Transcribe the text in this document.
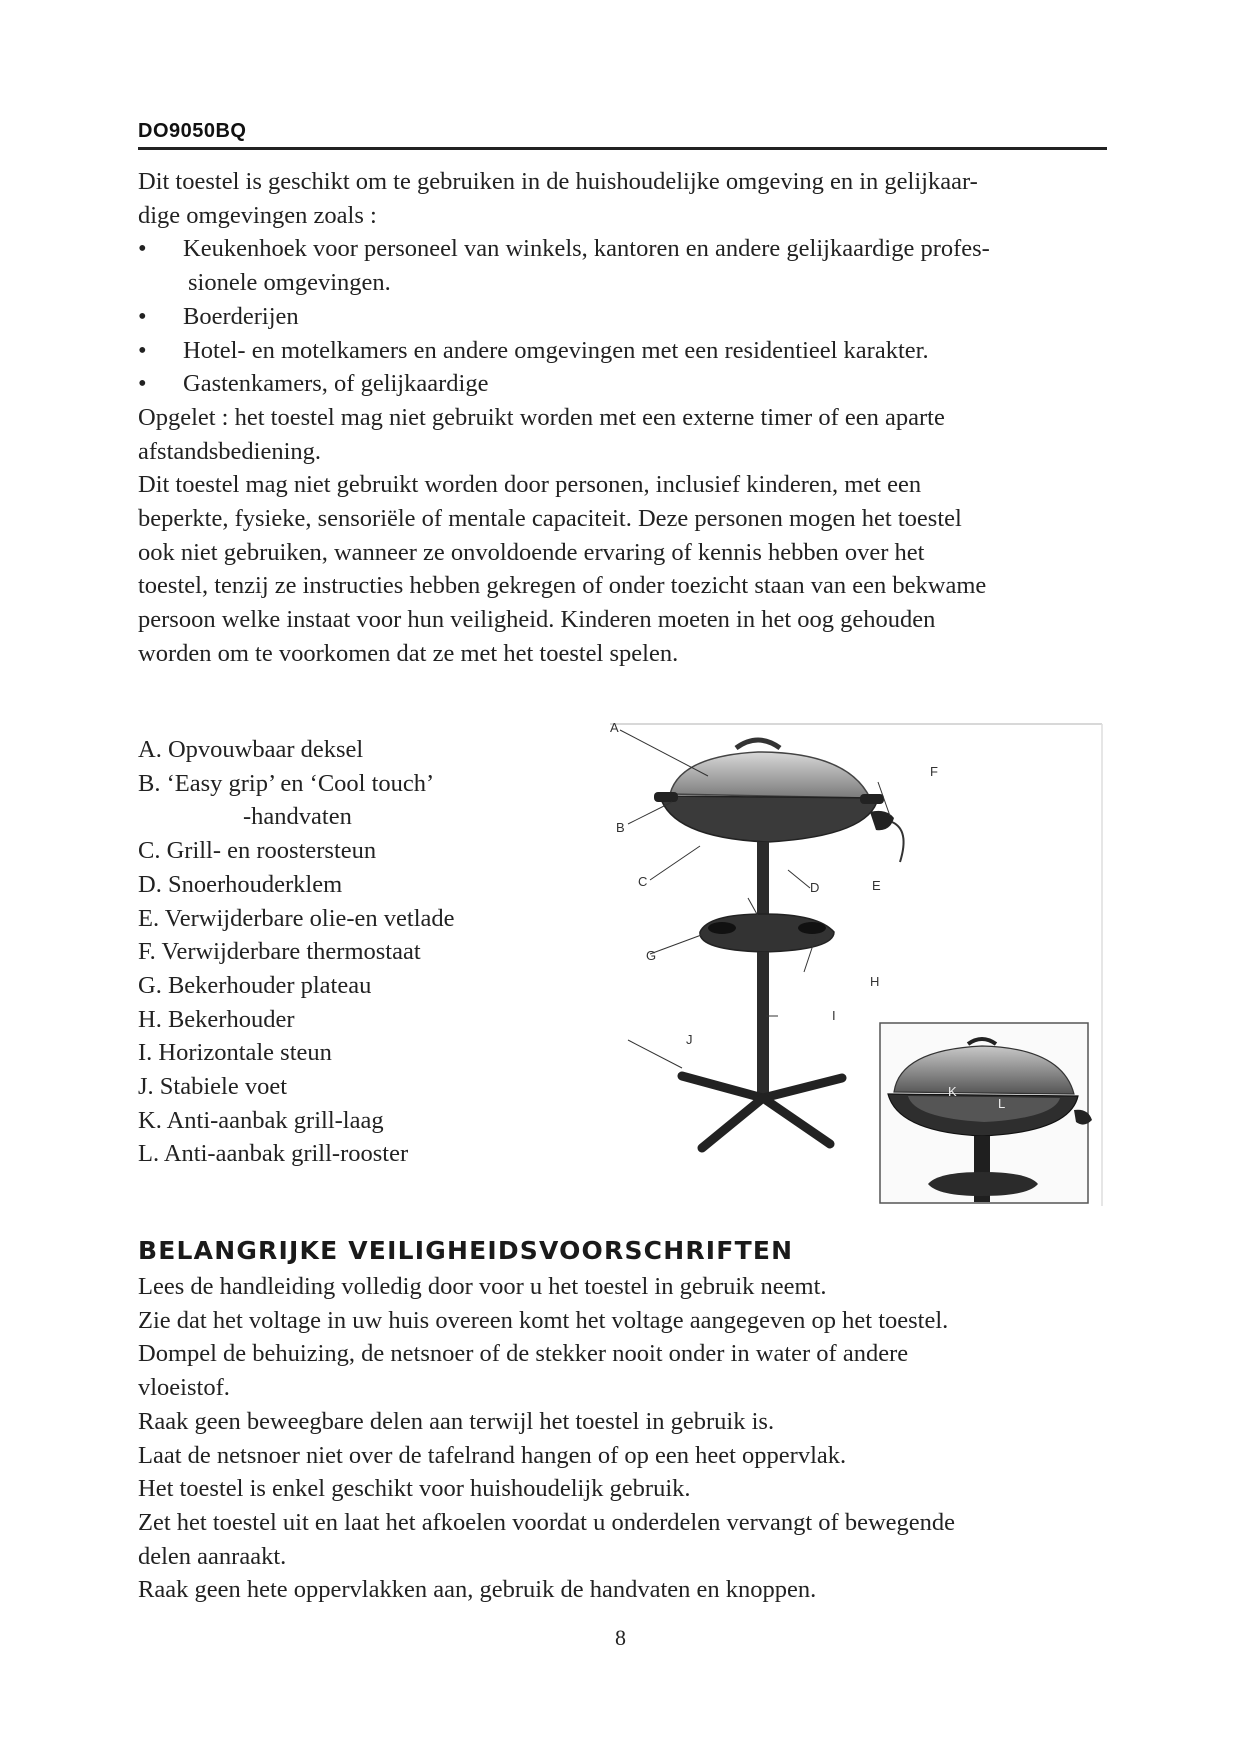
DO9050BQ

Dit toestel is geschikt om te gebruiken in de huishoudelijke omgeving en in gelijkaar-

dige omgevingen zoals :

• Keukenhoek voor personeel van winkels, kantoren en andere gelijkaardige profes-

sionele omgevingen.

• Boerderijen

• Hotel- en motelkamers en andere omgevingen met een residentieel karakter.

• Gastenkamers, of gelijkaardige

Opgelet : het toestel mag niet gebruikt worden met een externe timer of een aparte

afstandsbediening.

Dit toestel mag niet gebruikt worden door personen, inclusief kinderen, met een

beperkte, fysieke, sensoriële of mentale capaciteit. Deze personen mogen het toestel

ook niet gebruiken, wanneer ze onvoldoende ervaring of kennis hebben over het

toestel, tenzij ze instructies hebben gekregen of onder toezicht staan van een bekwame

persoon welke instaat voor hun veiligheid. Kinderen moeten in het oog gehouden

worden om te voorkomen dat ze met het toestel spelen.

A. Opvouwbaar deksel
B. ‘Easy grip’ en ‘Cool touch’
-handvaten
C. Grill- en roostersteun
D. Snoerhouderklem
E. Verwijderbare olie-en vetlade
F. Verwijderbare thermostaat
G. Bekerhouder plateau
H. Bekerhouder
I. Horizontale steun
J. Stabiele voet
K. Anti-aanbak grill-laag
L. Anti-aanbak grill-rooster
A
B
C	D	E
F
G
H
I
J
K
L
BELANGRIJKE VEILIGHEIDSVOORSCHRIFTEN

Lees de handleiding volledig door voor u het toestel in gebruik neemt.

Zie dat het voltage in uw huis overeen komt het voltage aangegeven op het toestel.

Dompel de behuizing, de netsnoer of de stekker nooit onder in water of andere

vloeistof.

Raak geen beweegbare delen aan terwijl het toestel in gebruik is.

Laat de netsnoer niet over de tafelrand hangen of op een heet oppervlak.

Het toestel is enkel geschikt voor huishoudelijk gebruik.

Zet het toestel uit en laat het afkoelen voordat u onderdelen vervangt of bewegende

delen aanraakt.

Raak geen hete oppervlakken aan, gebruik de handvaten en knoppen.

8
